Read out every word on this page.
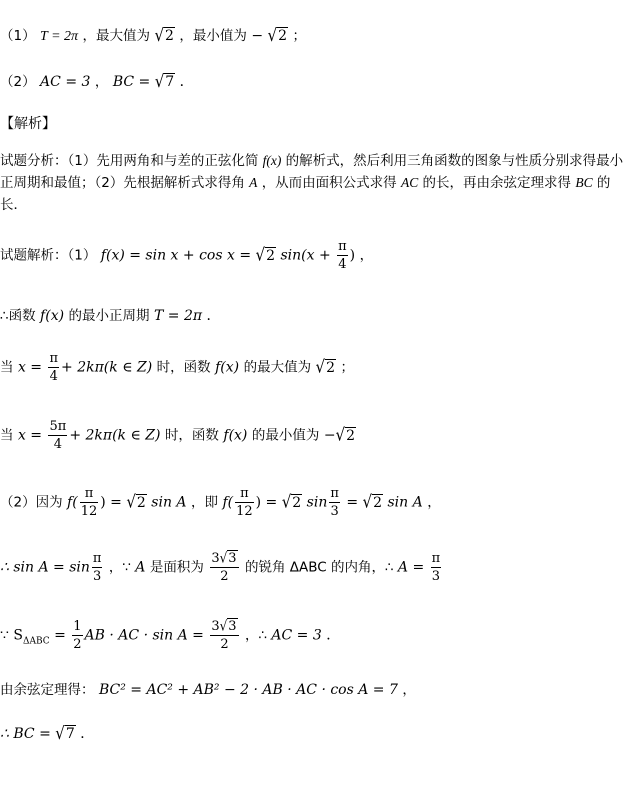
（1） T = 2π ，最大值为 √2 ，最小值为 − √2 ；
（2） AC = 3 ， BC = √7 ．
【解析】
试题分析：（1）先用两角和与差的正弦化简 f(x) 的解析式，然后利用三角函数的图象与性质分别求得最小正周期和最值；（2）先根据解析式求得角 A ，从而由面积公式求得 AC 的长，再由余弦定理求得 BC 的长．
试题解析：（1） f(x) = sin x + cos x = √2 $\sin(x + \frac{\pi}{4}$ ) ，
∴函数 f(x) 的最小正周期 T = 2π ．
当 $x = \frac{\pi}{4} + 2k\pi(k$ ∈ Z) 时，函数 f(x) 的最大值为 √2 ；
当 $x = \frac{5\pi}{4} + 2k\pi(k$ ∈ Z) 时，函数 f(x) 的最小值为 −√2
（2）因为 $f( \frac{\pi}{12}$ ) = √2 sin A ，即 $f( \frac{\pi}{12}$ ) = √2 $\sin \frac{\pi}{3} = √2$ sin A ，
∴ $\sin A = \sin \frac{\pi}{3}$ ，∵ A 是面积为 $\frac{3√3}{2}$ 的锐角 ΔABC 的内角，∴ $A = \frac{\pi}{3}$
∵ $S_{\Delta ABC} = \frac{1}{2}$ AB · AC · $\sin A = \frac{3√3}{2}$ ，∴ AC = 3 ．
由余弦定理得： BC² = AC² + AB² − 2 · AB · AC · cos A = 7 ，
∴ BC = √7 ．
